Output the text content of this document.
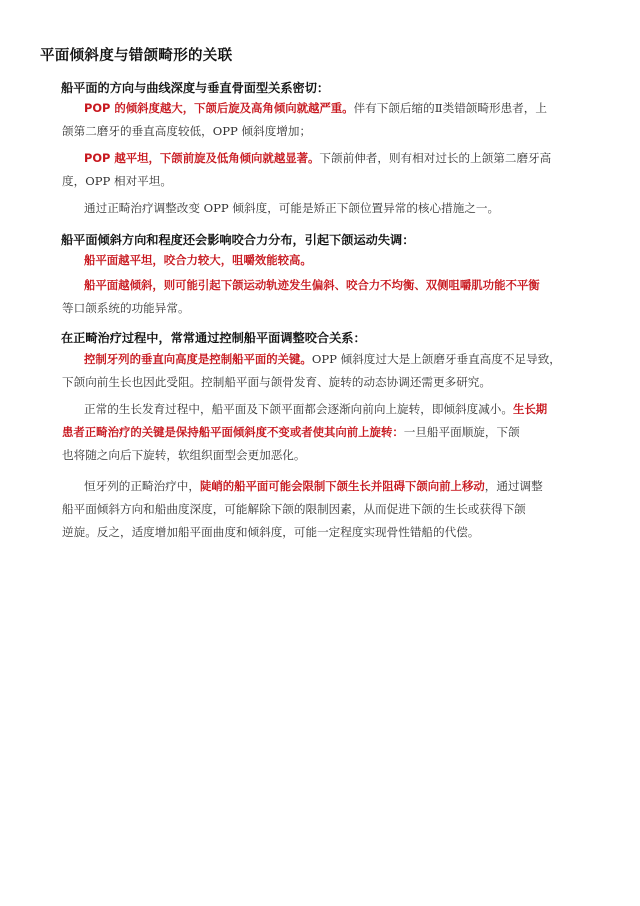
平面倾斜度与错颌畸形的关联
船平面的方向与曲线深度与垂直骨面型关系密切：
POP 的倾斜度越大，下颌后旋及高角倾向就越严重。伴有下颌后缩的Ⅱ类错颌畸形患者，上
颌第二磨牙的垂直高度较低，OPP 倾斜度增加；
POP 越平坦，下颌前旋及低角倾向就越显著。下颌前伸者，则有相对过长的上颌第二磨牙高
度，OPP 相对平坦。
通过正畸治疗调整改变 OPP 倾斜度，可能是矫正下颌位置异常的核心措施之一。
船平面倾斜方向和程度还会影响咬合力分布，引起下颌运动失调：
船平面越平坦，咬合力较大，咀嚼效能较高。
船平面越倾斜，则可能引起下颌运动轨迹发生偏斜、咬合力不均衡、双侧咀嚼肌功能不平衡
等口颌系统的功能异常。
在正畸治疗过程中，常常通过控制船平面调整咬合关系：
控制牙列的垂直向高度是控制船平面的关键。OPP 倾斜度过大是上颌磨牙垂直高度不足导致，
下颌向前生长也因此受阻。控制船平面与颌骨发育、旋转的动态协调还需更多研究。
正常的生长发育过程中，船平面及下颌平面都会逐渐向前向上旋转，即倾斜度减小。生长期
患者正畸治疗的关键是保持船平面倾斜度不变或者使其向前上旋转：一旦船平面顺旋，下颌
也将随之向后下旋转，软组织面型会更加恶化。
恒牙列的正畸治疗中，陡峭的船平面可能会限制下颌生长并阻碍下颌向前上移动，通过调整
船平面倾斜方向和船曲度深度，可能解除下颌的限制因素，从而促进下颌的生长或获得下颌
逆旋。反之，适度增加船平面曲度和倾斜度，可能一定程度实现骨性错船的代偿。
